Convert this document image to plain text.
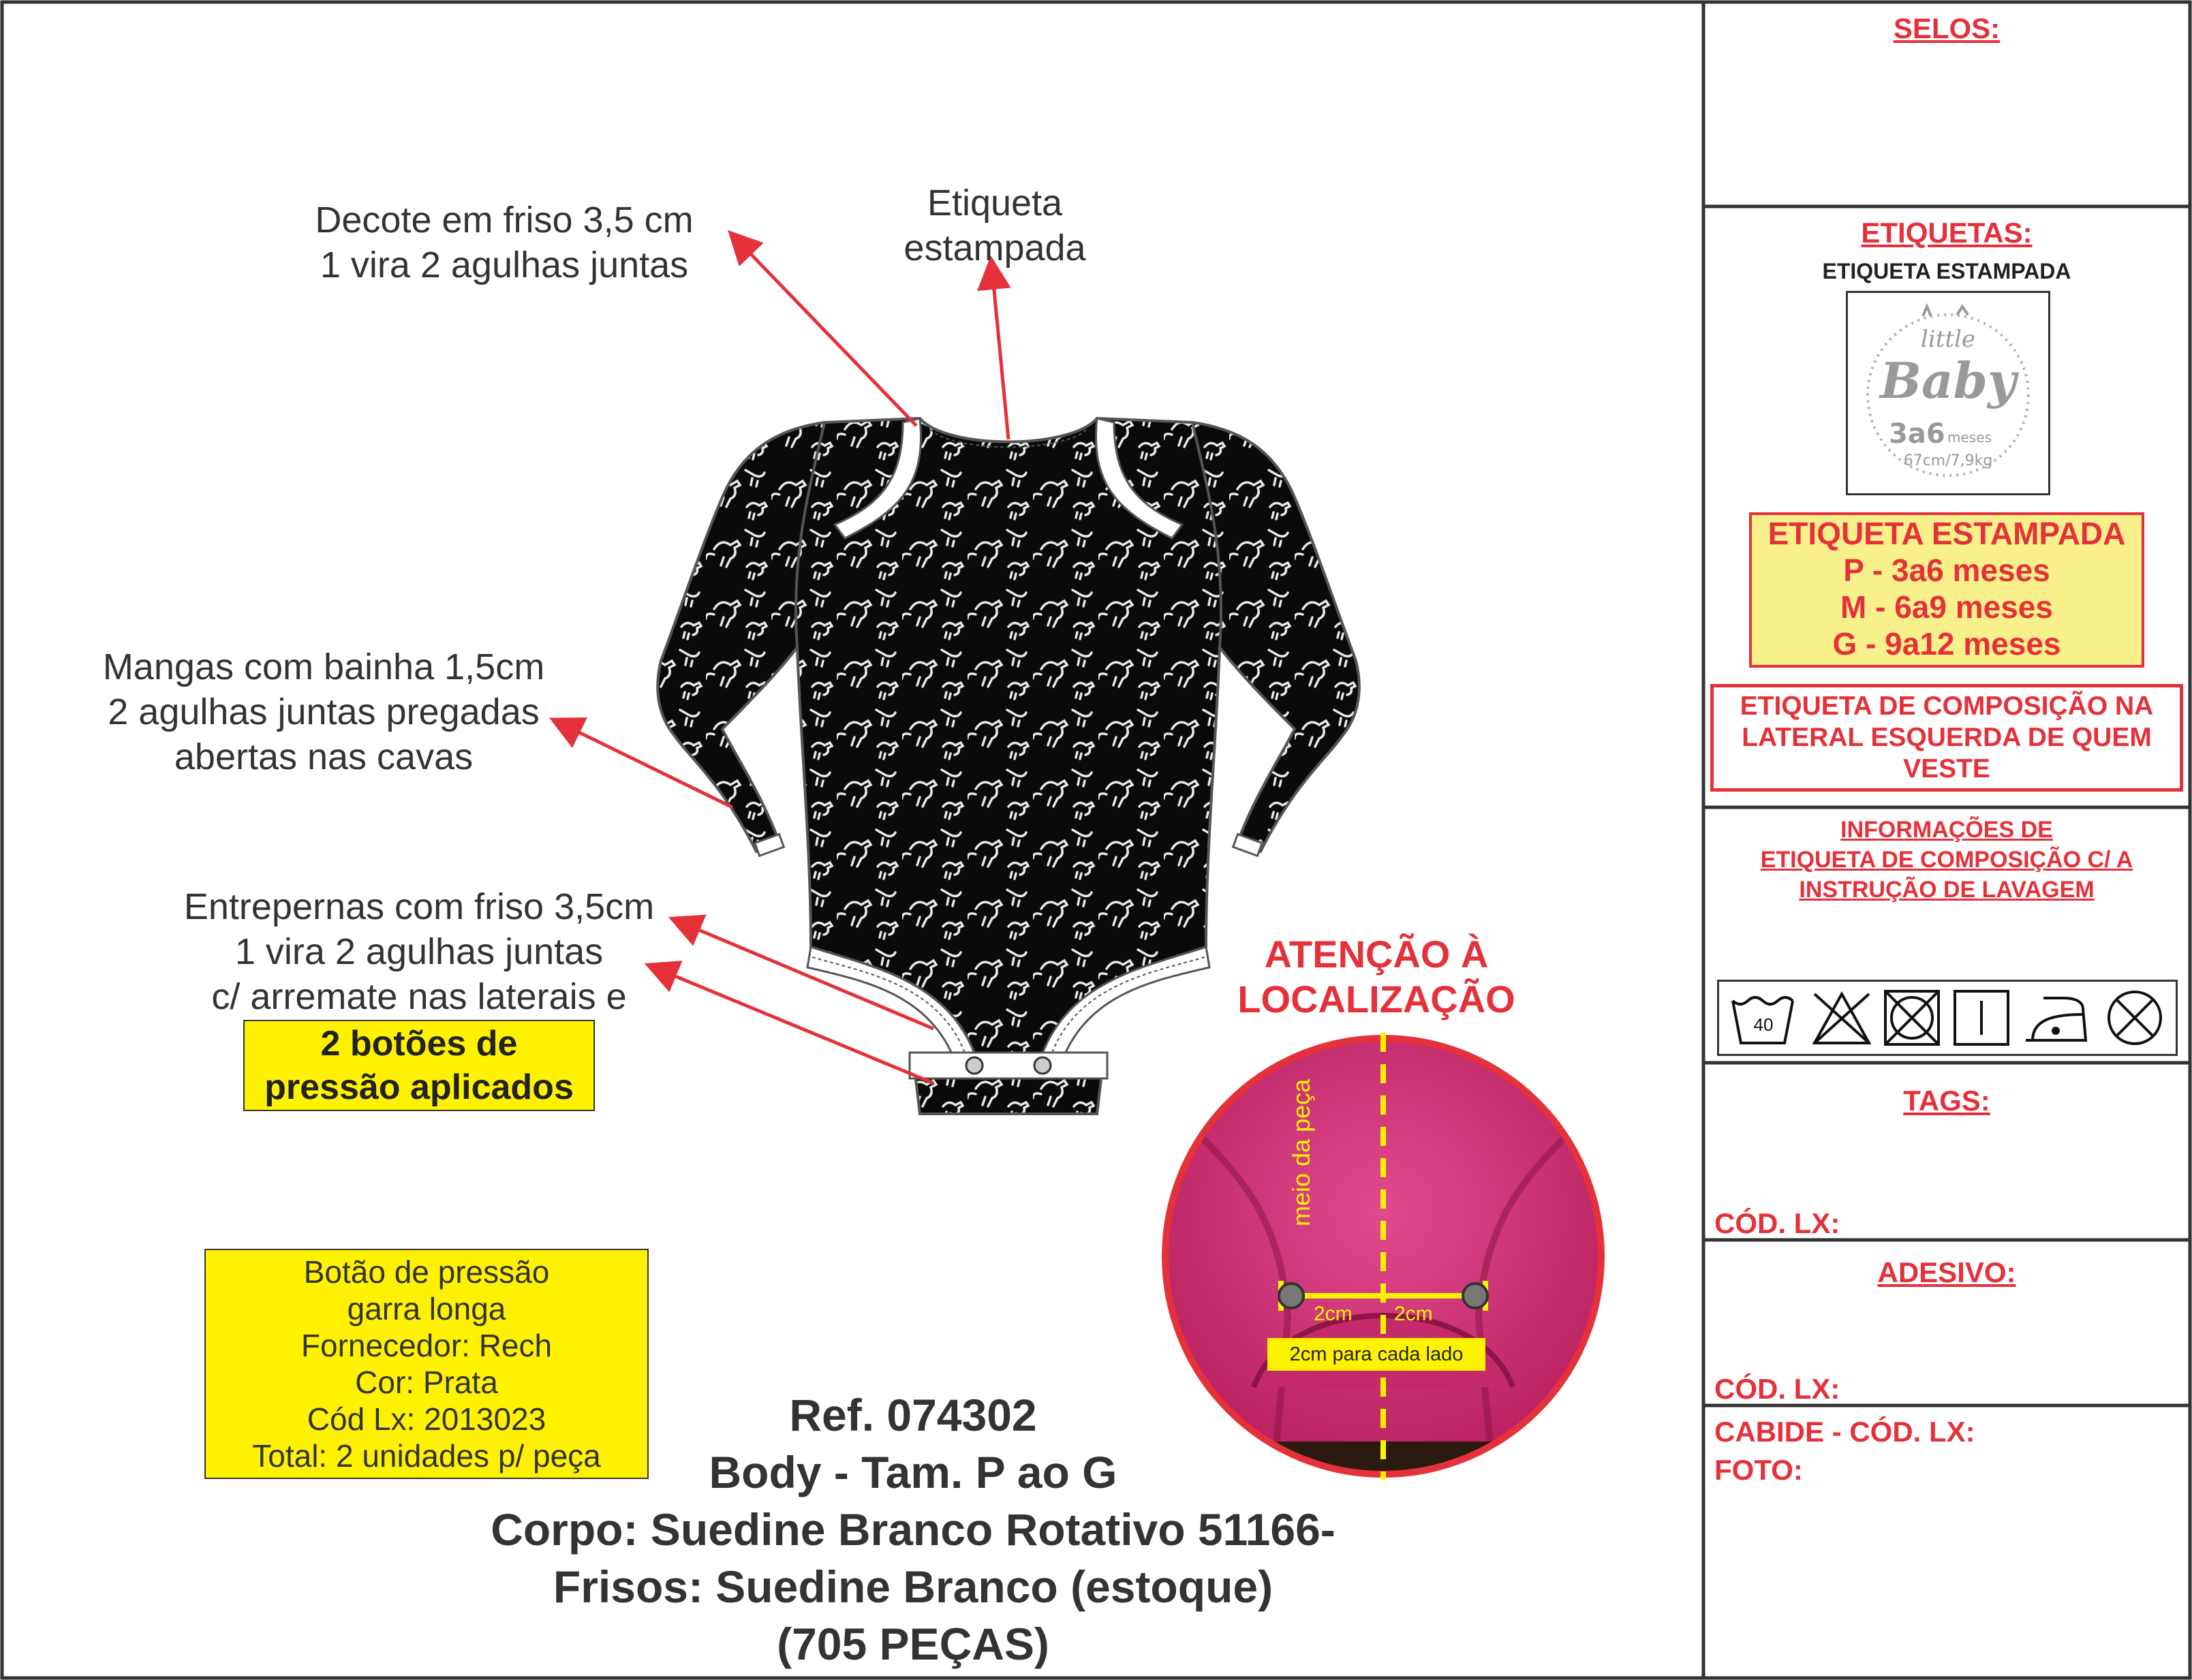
Decote em friso 3,5 cm
1 vira 2 agulhas juntas
Etiqueta
estampada
Mangas com bainha 1,5cm
2 agulhas juntas pregadas
abertas nas cavas
Entrepernas com friso 3,5cm
1 vira 2 agulhas juntas
c/ arremate nas laterais e
2 botões de
pressão aplicados
Botão de pressão
garra longa
Fornecedor: Rech
Cor: Prata
Cód Lx: 2013023
Total: 2 unidades p/ peça
Ref. 074302
Body - Tam. P ao G
Corpo: Suedine Branco Rotativo 51166-
Frisos: Suedine Branco (estoque)
(705 PEÇAS)
ATENÇÃO À
LOCALIZAÇÃO
2cm 2cm
2cm para cada lado
SELOS:
ETIQUETAS:
ETIQUETA ESTAMPADA
little
Baby
3a6 meses
67cm/7,9kg
ETIQUETA ESTAMPADA
P - 3a6 meses
M - 6a9 meses
G - 9a12 meses
ETIQUETA DE COMPOSIÇÃO NA
LATERAL ESQUERDA DE QUEM
VESTE
INFORMAÇÕES DE
ETIQUETA DE COMPOSIÇÃO C/ A
INSTRUÇÃO DE LAVAGEM
40
TAGS:
CÓD. LX:
ADESIVO:
CÓD. LX:
CABIDE - CÓD. LX:
FOTO:
